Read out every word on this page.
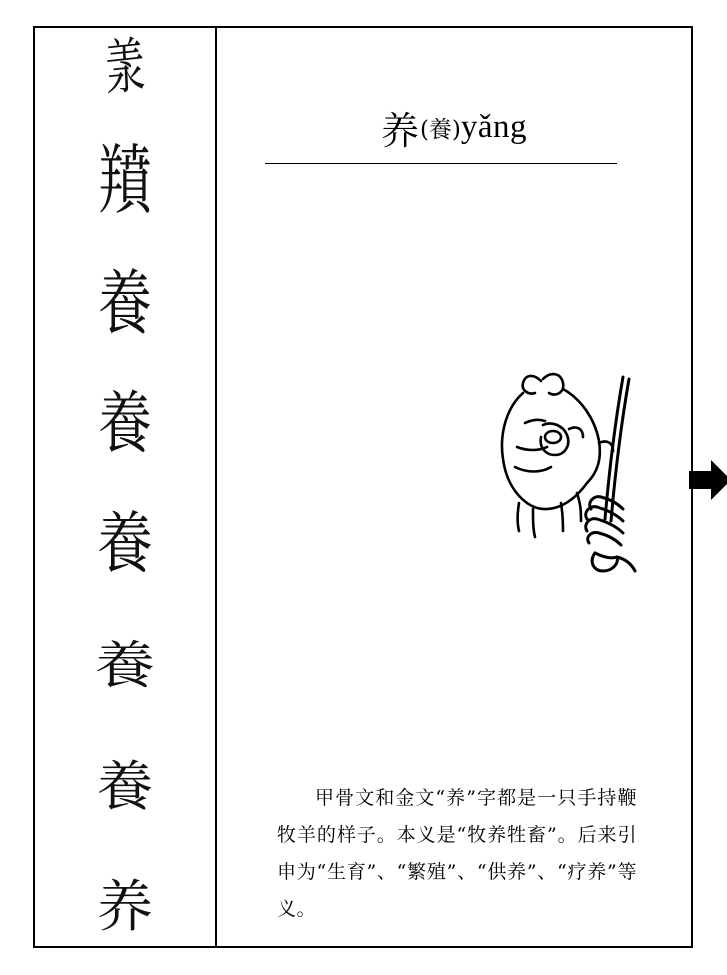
羕
羵
養
養
養
養
養
养
养(養)yǎng
甲骨文和金文“养”字都是一只手持鞭牧羊的样子。本义是“牧养牲畜”。后来引申为“生育”、“繁殖”、“供养”、“疗养”等义。
